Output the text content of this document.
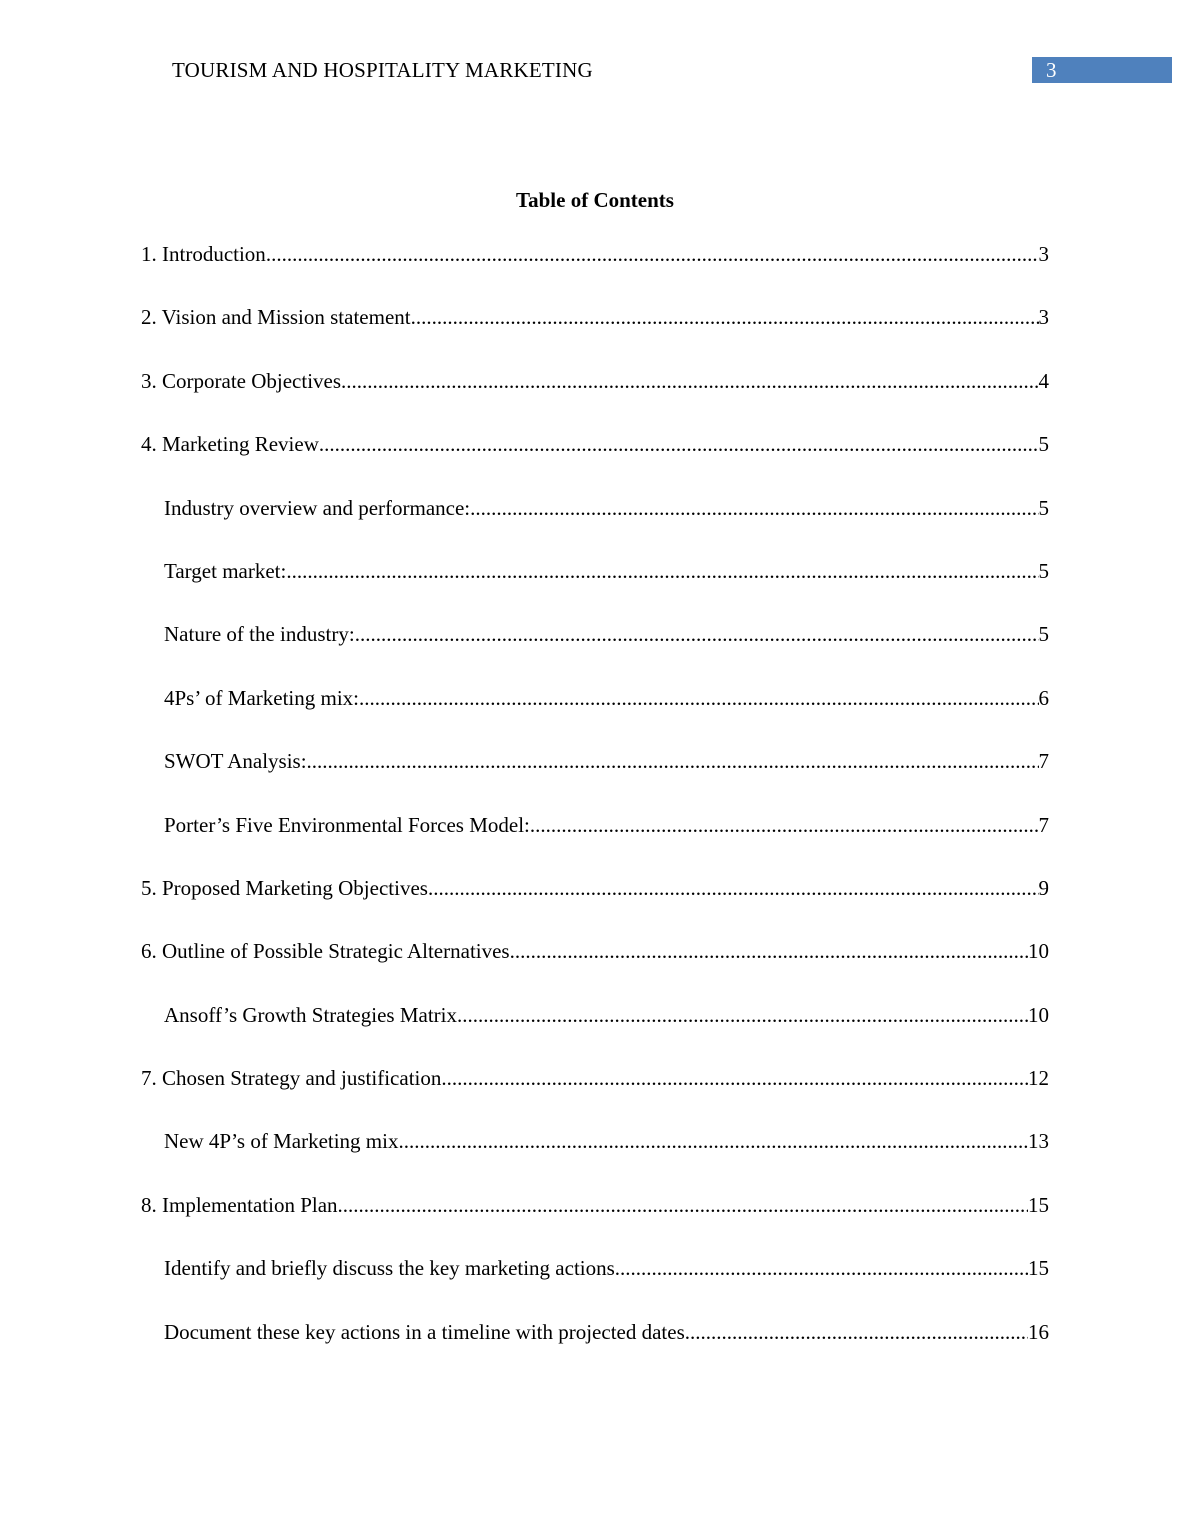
TOURISM AND HOSPITALITY MARKETING	3
Table of Contents
1. Introduction .....	3
2. Vision and Mission statement .....	3
3. Corporate Objectives .....	4
4. Marketing Review .....	5
Industry overview and performance: .....	5
Target market: .....	5
Nature of the industry: .....	5
4Ps’ of Marketing mix: .....	6
SWOT Analysis: .....	7
Porter’s Five Environmental Forces Model: .....	7
5. Proposed Marketing Objectives .....	9
6. Outline of Possible Strategic Alternatives .....	10
Ansoff’s Growth Strategies Matrix .....	10
7. Chosen Strategy and justification .....	12
New 4P’s of Marketing mix .....	13
8. Implementation Plan .....	15
Identify and briefly discuss the key marketing actions .....	15
Document these key actions in a timeline with projected dates .....	16
